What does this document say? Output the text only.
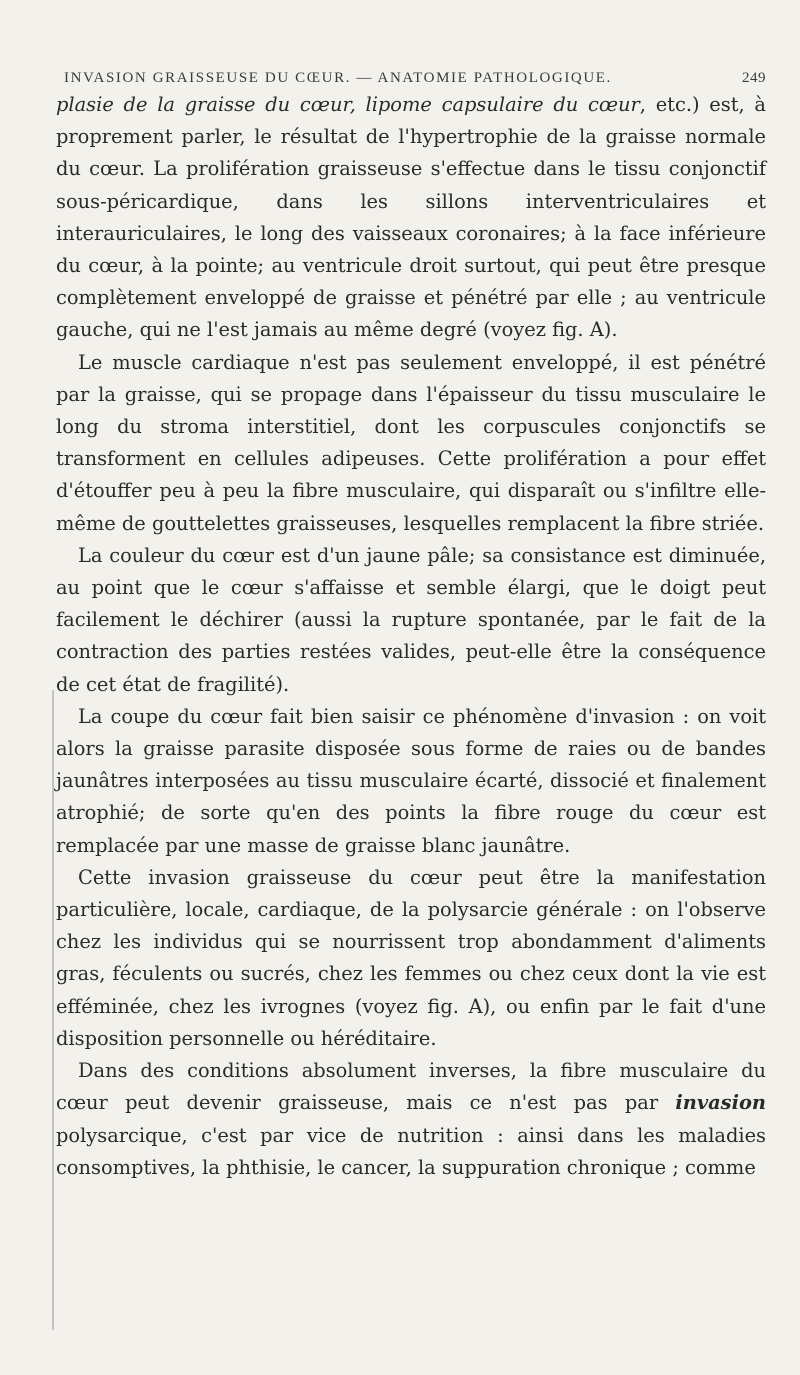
INVASION GRAISSEUSE DU CŒUR. — ANATOMIE PATHOLOGIQUE.	249

plasie de la graisse du cœur, lipome capsulaire du cœur, etc.) est, à proprement parler, le résultat de l'hypertrophie de la graisse normale du cœur. La prolifération graisseuse s'effectue dans le tissu conjonctif sous-péricardique, dans les sillons interventriculaires et interauriculaires, le long des vaisseaux coronaires; à la face inférieure du cœur, à la pointe; au ventricule droit surtout, qui peut être presque complètement enveloppé de graisse et pénétré par elle ; au ventricule gauche, qui ne l'est jamais au même degré (voyez fig. A).

Le muscle cardiaque n'est pas seulement enveloppé, il est pénétré par la graisse, qui se propage dans l'épaisseur du tissu musculaire le long du stroma interstitiel, dont les corpuscules conjonctifs se transforment en cellules adipeuses. Cette prolifération a pour effet d'étouffer peu à peu la fibre musculaire, qui disparaît ou s'infiltre elle-même de gouttelettes graisseuses, lesquelles remplacent la fibre striée.

La couleur du cœur est d'un jaune pâle; sa consistance est diminuée, au point que le cœur s'affaisse et semble élargi, que le doigt peut facilement le déchirer (aussi la rupture spontanée, par le fait de la contraction des parties restées valides, peut-elle être la conséquence de cet état de fragilité).

La coupe du cœur fait bien saisir ce phénomène d'invasion : on voit alors la graisse parasite disposée sous forme de raies ou de bandes jaunâtres interposées au tissu musculaire écarté, dissocié et finalement atrophié; de sorte qu'en des points la fibre rouge du cœur est remplacée par une masse de graisse blanc jaunâtre.

Cette invasion graisseuse du cœur peut être la manifestation particulière, locale, cardiaque, de la polysarcie générale : on l'observe chez les individus qui se nourrissent trop abondamment d'aliments gras, féculents ou sucrés, chez les femmes ou chez ceux dont la vie est efféminée, chez les ivrognes (voyez fig. A), ou enfin par le fait d'une disposition personnelle ou héréditaire.

Dans des conditions absolument inverses, la fibre musculaire du cœur peut devenir graisseuse, mais ce n'est pas par invasion polysarcique, c'est par vice de nutrition : ainsi dans les maladies consomptives, la phthisie, le cancer, la suppuration chronique ; comme
